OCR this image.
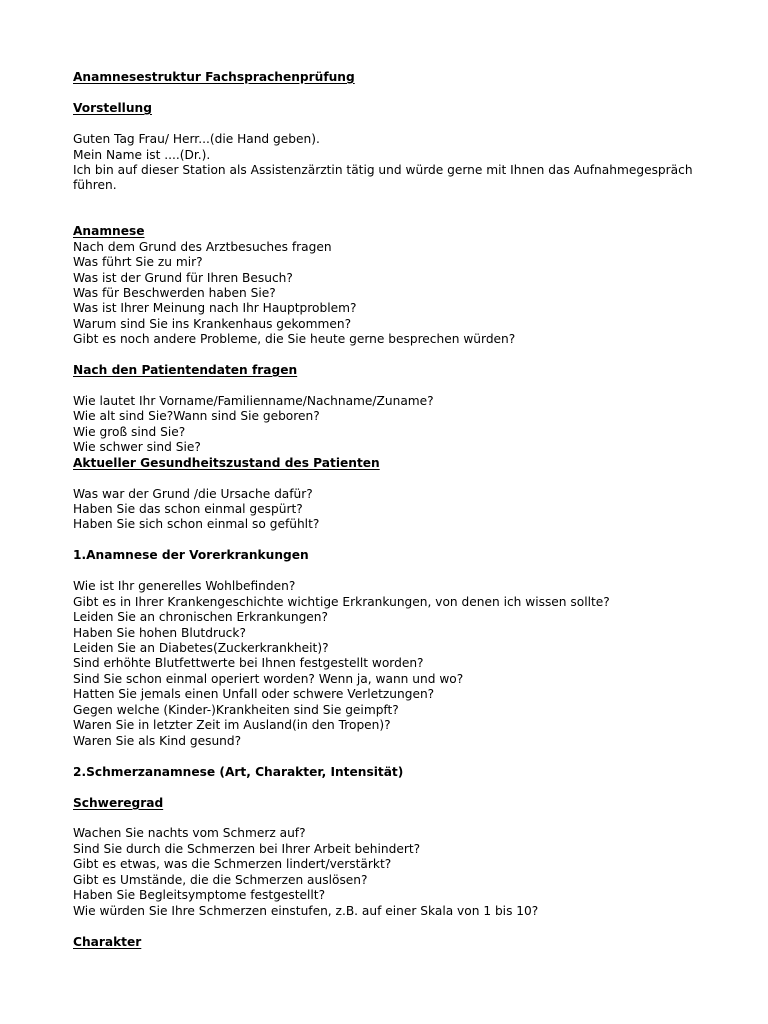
Anamnesestruktur Fachsprachenprüfung
Vorstellung
Guten Tag Frau/ Herr...(die Hand geben).
Mein Name ist ....(Dr.).
Ich bin auf dieser Station als Assistenzärztin tätig und würde gerne mit Ihnen das Aufnahmegespräch
führen.
Anamnese
Nach dem Grund des Arztbesuches fragen
Was führt Sie zu mir?
Was ist der Grund für Ihren Besuch?
Was für Beschwerden haben Sie?
Was ist Ihrer Meinung nach Ihr Hauptproblem?
Warum sind Sie ins Krankenhaus gekommen?
Gibt es noch andere Probleme, die Sie heute gerne besprechen würden?
Nach den Patientendaten fragen
Wie lautet Ihr Vorname/Familienname/Nachname/Zuname?
Wie alt sind Sie?Wann sind Sie geboren?
Wie groß sind Sie?
Wie schwer sind Sie?
Aktueller Gesundheitszustand des Patienten
Was war der Grund /die Ursache dafür?
Haben Sie das schon einmal gespürt?
Haben Sie sich schon einmal so gefühlt?
1.Anamnese der Vorerkrankungen
Wie ist Ihr generelles Wohlbefinden?
Gibt es in Ihrer Krankengeschichte wichtige Erkrankungen, von denen ich wissen sollte?
Leiden Sie an chronischen Erkrankungen?
Haben Sie hohen Blutdruck?
Leiden Sie an Diabetes(Zuckerkrankheit)?
Sind erhöhte Blutfettwerte bei Ihnen festgestellt worden?
Sind Sie schon einmal operiert worden? Wenn ja, wann und wo?
Hatten Sie jemals einen Unfall oder schwere Verletzungen?
Gegen welche (Kinder-)Krankheiten sind Sie geimpft?
Waren Sie in letzter Zeit im Ausland(in den Tropen)?
Waren Sie als Kind gesund?
2.Schmerzanamnese (Art, Charakter, Intensität)
Schweregrad
Wachen Sie nachts vom Schmerz auf?
Sind Sie durch die Schmerzen bei Ihrer Arbeit behindert?
Gibt es etwas, was die Schmerzen lindert/verstärkt?
Gibt es Umstände, die die Schmerzen auslösen?
Haben Sie Begleitsymptome festgestellt?
Wie würden Sie Ihre Schmerzen einstufen, z.B. auf einer Skala von 1 bis 10?
Charakter
